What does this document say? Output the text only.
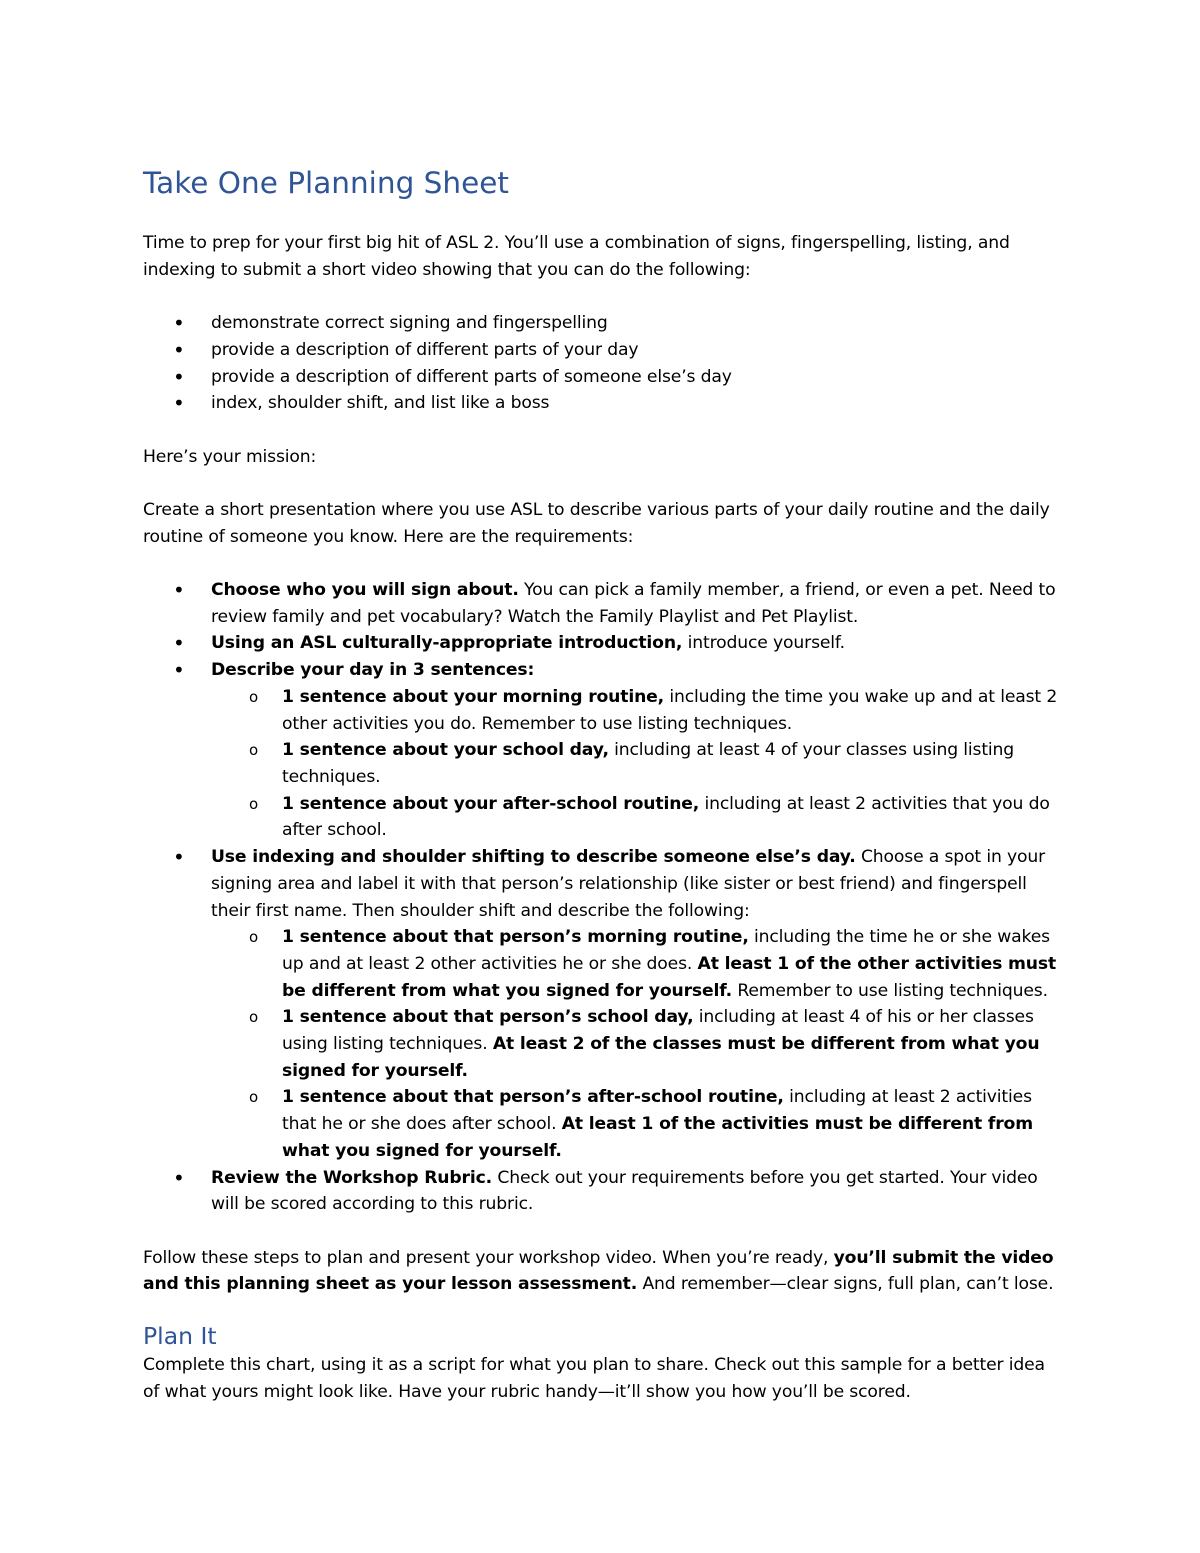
Take One Planning Sheet

Time to prep for your first big hit of ASL 2. You’ll use a combination of signs, fingerspelling, listing, and indexing to submit a short video showing that you can do the following:

• demonstrate correct signing and fingerspelling
• provide a description of different parts of your day
• provide a description of different parts of someone else’s day
• index, shoulder shift, and list like a boss

Here’s your mission:

Create a short presentation where you use ASL to describe various parts of your daily routine and the daily routine of someone you know. Here are the requirements:

• Choose who you will sign about. You can pick a family member, a friend, or even a pet. Need to review family and pet vocabulary? Watch the Family Playlist and Pet Playlist.
• Using an ASL culturally-appropriate introduction, introduce yourself.
• Describe your day in 3 sentences:
o 1 sentence about your morning routine, including the time you wake up and at least 2 other activities you do. Remember to use listing techniques.
o 1 sentence about your school day, including at least 4 of your classes using listing techniques.
o 1 sentence about your after-school routine, including at least 2 activities that you do after school.
• Use indexing and shoulder shifting to describe someone else’s day. Choose a spot in your signing area and label it with that person’s relationship (like sister or best friend) and fingerspell their first name. Then shoulder shift and describe the following:
o 1 sentence about that person’s morning routine, including the time he or she wakes up and at least 2 other activities he or she does. At least 1 of the other activities must be different from what you signed for yourself. Remember to use listing techniques.
o 1 sentence about that person’s school day, including at least 4 of his or her classes using listing techniques. At least 2 of the classes must be different from what you signed for yourself.
o 1 sentence about that person’s after-school routine, including at least 2 activities that he or she does after school. At least 1 of the activities must be different from what you signed for yourself.
• Review the Workshop Rubric. Check out your requirements before you get started. Your video will be scored according to this rubric.

Follow these steps to plan and present your workshop video. When you’re ready, you’ll submit the video and this planning sheet as your lesson assessment. And remember—clear signs, full plan, can’t lose.

Plan It

Complete this chart, using it as a script for what you plan to share. Check out this sample for a better idea of what yours might look like. Have your rubric handy—it’ll show you how you’ll be scored.
